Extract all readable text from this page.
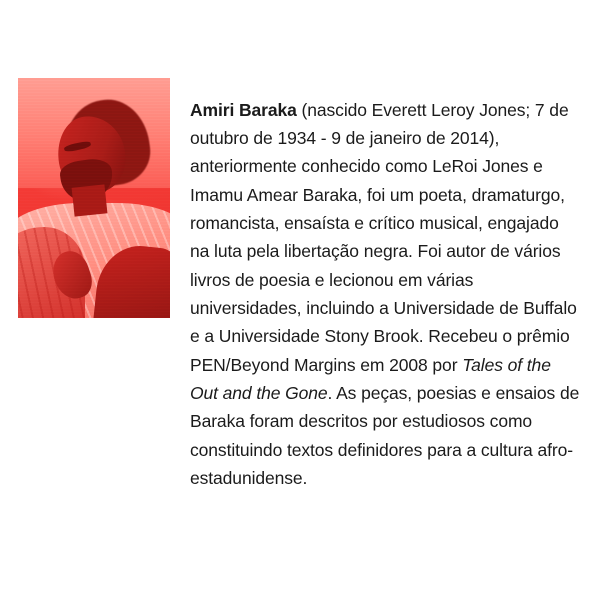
Amiri Baraka (nascido Everett Leroy Jones; 7 de outubro de 1934 - 9 de janeiro de 2014), anteriormente conhecido como LeRoi Jones e Imamu Amear Baraka, foi um poeta, dramaturgo, romancista, ensaísta e crítico musical, engajado na luta pela libertação negra. Foi autor de vários livros de poesia e lecionou em várias universidades, incluindo a Universidade de Buffalo e a Universidade Stony Brook. Recebeu o prêmio PEN/Beyond Margins em 2008 por Tales of the Out and the Gone. As peças, poesias e ensaios de Baraka foram descritos por estudiosos como constituindo textos definidores para a cultura afro-estadunidense.
